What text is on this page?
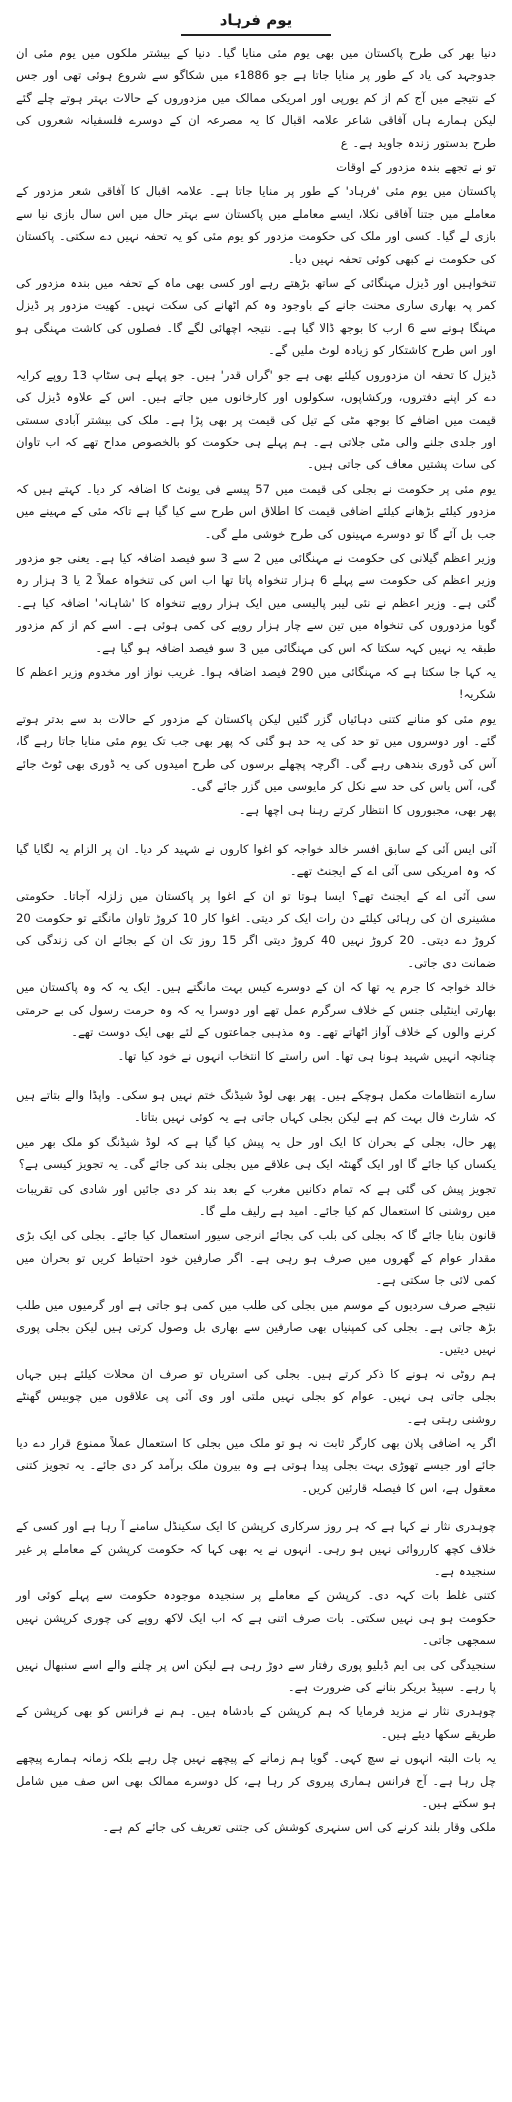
یوم فرہاد

دنیا بھر کی طرح پاکستان میں بھی یوم مئی منایا گیا۔ دنیا کے بیشتر ملکوں میں یوم مئی ان جدوجہد کی یاد کے طور پر منایا جاتا ہے جو 1886ء میں شکاگو سے شروع ہوئی تھی اور جس کے نتیجے میں آج کم از کم یورپی اور امریکی ممالک میں مزدوروں کے حالات بہتر ہوتے چلے گئے لیکن ہمارے ہاں آفاقی شاعر علامہ اقبال کا یہ مصرعہ ان کے دوسرے فلسفیانہ شعروں کی طرح بدستور زندہ جاوید ہے۔ ع

تو نے تجھے بندہ مزدور کے اوقات

پاکستان میں یوم مئی 'فرہاد' کے طور پر منایا جاتا ہے۔ علامہ اقبال کا آفاقی شعر مزدور کے معاملے میں جتنا آفاقی نکلا، ایسے معاملے میں پاکستان سے بہتر حال میں اس سال بازی نیا سے بازی لے گیا۔ کسی اور ملک کی حکومت مزدور کو یوم مئی کو یہ تحفہ نہیں دے سکتی۔ پاکستان کی حکومت نے کبھی کوئی تحفہ نہیں دیا۔

تنخواہیں اور ڈیزل مہنگائی کے ساتھ بڑھتے رہے اور کسی بھی ماہ کے تحفہ میں بندہ مزدور کی کمر پہ بھاری ساری محنت جانے کے باوجود وہ کم اٹھانے کی سکت نہیں۔ کھیت مزدور پر ڈیزل مہنگا ہونے سے 6 ارب کا بوجھ ڈالا گیا ہے۔ نتیجہ اچھائی لگے گا۔ فصلوں کی کاشت مہنگی ہو اور اس طرح کاشتکار کو زیادہ لوٹ ملیں گے۔

ڈیزل کا تحفہ ان مزدوروں کیلئے بھی ہے جو 'گراں قدر' ہیں۔ جو پہلے ہی سٹاپ 13 روپے کرایہ دے کر اپنے دفتروں، ورکشاپوں، سکولوں اور کارخانوں میں جاتے ہیں۔ اس کے علاوہ ڈیزل کی قیمت میں اضافے کا بوجھ مٹی کے تیل کی قیمت پر بھی پڑا ہے۔ ملک کی بیشتر آبادی سستی اور جلدی جلنے والی مٹی جلاتی ہے۔ ہم پہلے ہی حکومت کو بالخصوص مداح تھے کہ اب تاوان کی سات پشتیں معاف کی جاتی ہیں۔

یوم مئی پر حکومت نے بجلی کی قیمت میں 57 پیسے فی یونٹ کا اضافہ کر دیا۔ کہتے ہیں کہ مزدور کیلئے بڑھانے کیلئے اضافی قیمت کا اطلاق اس طرح سے کیا گیا ہے تاکہ مئی کے مہینے میں جب بل آئے گا تو دوسرے مہینوں کی طرح خوشی ملے گی۔

وزیر اعظم گیلانی کی حکومت نے مہنگائی میں 2 سے 3 سو فیصد اضافہ کیا ہے۔ یعنی جو مزدور وزیر اعظم کی حکومت سے پہلے 6 ہزار تنخواہ پاتا تھا اب اس کی تنخواہ عملاً 2 یا 3 ہزار رہ گئی ہے۔ وزیر اعظم نے نئی لیبر پالیسی میں ایک ہزار روپے تنخواہ کا 'شاہانہ' اضافہ کیا ہے۔ گویا مزدوروں کی تنخواہ میں تین سے چار ہزار روپے کی کمی ہوئی ہے۔ اسے کم از کم مزدور طبقہ یہ نہیں کہہ سکتا کہ اس کی مہنگائی میں 3 سو فیصد اضافہ ہو گیا ہے۔

یہ کہا جا سکتا ہے کہ مہنگائی میں 290 فیصد اضافہ ہوا۔ غریب نواز اور مخدوم وزیر اعظم کا شکریہ!

یوم مئی کو منانے کتنی دہائیاں گزر گئیں لیکن پاکستان کے مزدور کے حالات بد سے بدتر ہوتے گئے۔ اور دوسروں میں تو حد کی یہ حد ہو گئی کہ پھر بھی جب تک یوم مئی منایا جاتا رہے گا، آس کی ڈوری بندھی رہے گی۔ اگرچہ پچھلے برسوں کی طرح امیدوں کی یہ ڈوری بھی ٹوٹ جائے گی، آس یاس کی حد سے نکل کر مایوسی میں گزر جائے گی۔

پھر بھی، مجبوروں کا انتظار کرتے رہنا ہی اچھا ہے۔

آئی ایس آئی کے سابق افسر خالد خواجہ کو اغوا کاروں نے شہید کر دیا۔ ان پر الزام یہ لگایا گیا کہ وہ امریکی سی آئی اے کے ایجنٹ تھے۔

سی آئی اے کے ایجنٹ تھے؟ ایسا ہوتا تو ان کے اغوا پر پاکستان میں زلزلہ آجاتا۔ حکومتی مشینری ان کی رہائی کیلئے دن رات ایک کر دیتی۔ اغوا کار 10 کروڑ تاوان مانگتے تو حکومت 20 کروڑ دے دیتی۔ 20 کروڑ نہیں 40 کروڑ دیتی اگر 15 روز تک ان کے بجائے ان کی زندگی کی ضمانت دی جاتی۔

خالد خواجہ کا جرم یہ تھا کہ ان کے دوسرے کیس بہت مانگتے ہیں۔ ایک یہ کہ وہ پاکستان میں بھارتی اینٹیلی جنس کے خلاف سرگرم عمل تھے اور دوسرا یہ کہ وہ حرمت رسول کی بے حرمتی کرنے والوں کے خلاف آواز اٹھاتے تھے۔ وہ مذہبی جماعتوں کے لئے بھی ایک دوست تھے۔

چنانچہ انہیں شہید ہونا ہی تھا۔ اس راستے کا انتخاب انہوں نے خود کیا تھا۔

سارے انتظامات مکمل ہوچکے ہیں۔ پھر بھی لوڈ شیڈنگ ختم نہیں ہو سکی۔ واپڈا والے بتاتے ہیں کہ شارٹ فال بہت کم ہے لیکن بجلی کہاں جاتی ہے یہ کوئی نہیں بتاتا۔

پھر حال، بجلی کے بحران کا ایک اور حل یہ پیش کیا گیا ہے کہ لوڈ شیڈنگ کو ملک بھر میں یکساں کیا جائے گا اور ایک گھنٹہ ایک ہی علاقے میں بجلی بند کی جائے گی۔ یہ تجویز کیسی ہے؟

تجویز پیش کی گئی ہے کہ تمام دکانیں مغرب کے بعد بند کر دی جائیں اور شادی کی تقریبات میں روشنی کا استعمال کم کیا جائے۔ امید ہے رلیف ملے گا۔

قانون بنایا جائے گا کہ بجلی کی بلب کی بجائے انرجی سیور استعمال کیا جائے۔ بجلی کی ایک بڑی مقدار عوام کے گھروں میں صرف ہو رہی ہے۔ اگر صارفین خود احتیاط کریں تو بحران میں کمی لائی جا سکتی ہے۔

نتیجے صرف سردیوں کے موسم میں بجلی کی طلب میں کمی ہو جاتی ہے اور گرمیوں میں طلب بڑھ جاتی ہے۔ بجلی کی کمپنیاں بھی صارفین سے بھاری بل وصول کرتی ہیں لیکن بجلی پوری نہیں دیتیں۔

ہم روٹی نہ ہونے کا ذکر کرتے ہیں۔ بجلی کی استریاں تو صرف ان محلات کیلئے ہیں جہاں بجلی جاتی ہی نہیں۔ عوام کو بجلی نہیں ملتی اور وی آئی پی علاقوں میں چوبیس گھنٹے روشنی رہتی ہے۔

اگر یہ اضافی پلان بھی کارگر ثابت نہ ہو تو ملک میں بجلی کا استعمال عملاً ممنوع قرار دے دیا جائے اور جیسے تھوڑی بہت بجلی پیدا ہوتی ہے وہ بیرون ملک برآمد کر دی جائے۔ یہ تجویز کتنی معقول ہے، اس کا فیصلہ قارئین کریں۔

چوہدری نثار نے کہا ہے کہ ہر روز سرکاری کرپشن کا ایک سکینڈل سامنے آ رہا ہے اور کسی کے خلاف کچھ کارروائی نہیں ہو رہی۔ انہوں نے یہ بھی کہا کہ حکومت کرپشن کے معاملے پر غیر سنجیدہ ہے۔

کتنی غلط بات کہہ دی۔ کرپشن کے معاملے پر سنجیدہ موجودہ حکومت سے پہلے کوئی اور حکومت ہو ہی نہیں سکتی۔ بات صرف اتنی ہے کہ اب ایک لاکھ روپے کی چوری کرپشن نہیں سمجھی جاتی۔

سنجیدگی کی بی ایم ڈبلیو پوری رفتار سے دوڑ رہی ہے لیکن اس پر چلنے والے اسے سنبھال نہیں پا رہے۔ سپیڈ بریکر بنانے کی ضرورت ہے۔

چوہدری نثار نے مزید فرمایا کہ ہم کرپشن کے بادشاہ ہیں۔ ہم نے فرانس کو بھی کرپشن کے طریقے سکھا دیئے ہیں۔

یہ بات البتہ انہوں نے سچ کہی۔ گویا ہم زمانے کے پیچھے نہیں چل رہے بلکہ زمانہ ہمارے پیچھے چل رہا ہے۔ آج فرانس ہماری پیروی کر رہا ہے، کل دوسرے ممالک بھی اس صف میں شامل ہو سکتے ہیں۔

ملکی وقار بلند کرنے کی اس سنہری کوشش کی جتنی تعریف کی جائے کم ہے۔
